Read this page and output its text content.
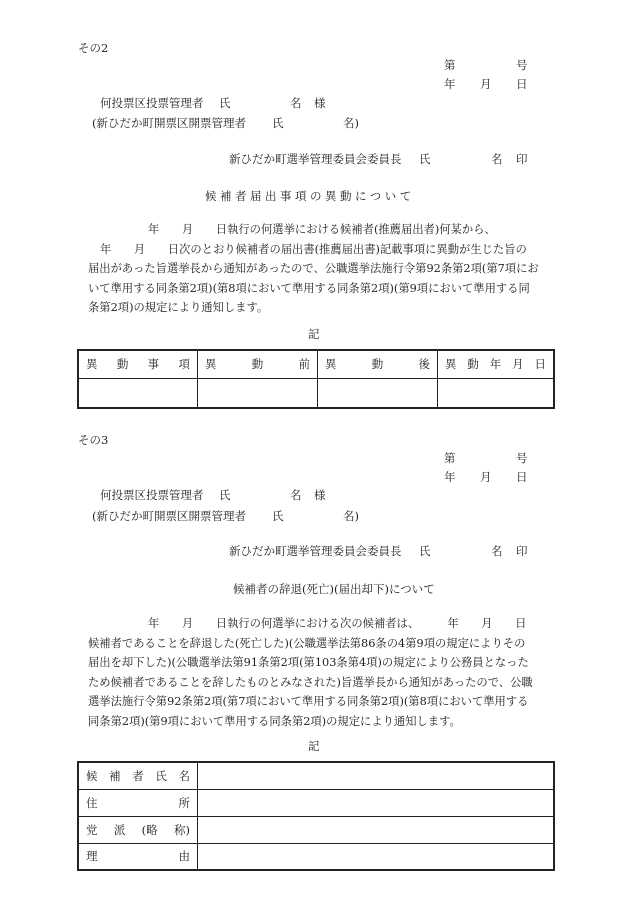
その2
第	号
年 月 日
何投票区投票管理者 氏	名 様
(新ひだか町開票区開票管理者 氏	名)
新ひだか町選挙管理委員会委員長 氏	名 印
候補者届出事項の異動について
年　　月　　日執行の何選挙における候補者(推薦届出者)何某から、
年　　月　　日次のとおり候補者の届出書(推薦届出書)記載事項に異動が生じた旨の
届出があった旨選挙長から通知があったので、公職選挙法施行令第92条第2項(第7項にお
いて準用する同条第2項)(第8項において準用する同条第2項)(第9項において準用する同
条第2項)の規定により通知します。
記
異 動 事 項	異 動 前	異 動 後	異 動 年 月 日

その3
第	号
年 月 日
何投票区投票管理者 氏	名 様
(新ひだか町開票区開票管理者 氏	名)
新ひだか町選挙管理委員会委員長 氏	名 印
候補者の辞退(死亡)(届出却下)について
年　　月　　日執行の何選挙における次の候補者は、　　　年　　月　　日
候補者であることを辞退した(死亡した)(公職選挙法第86条の4第9項の規定によりその
届出を却下した)(公職選挙法第91条第2項(第103条第4項)の規定により公務員となった
ため候補者であることを辞したものとみなされた)旨選挙長から通知があったので、公職
選挙法施行令第92条第2項(第7項において準用する同条第2項)(第8項において準用する
同条第2項)(第9項において準用する同条第2項)の規定により通知します。
記
候 補 者 氏 名	

住 所	

党 派 (略 称)	

理 由	
